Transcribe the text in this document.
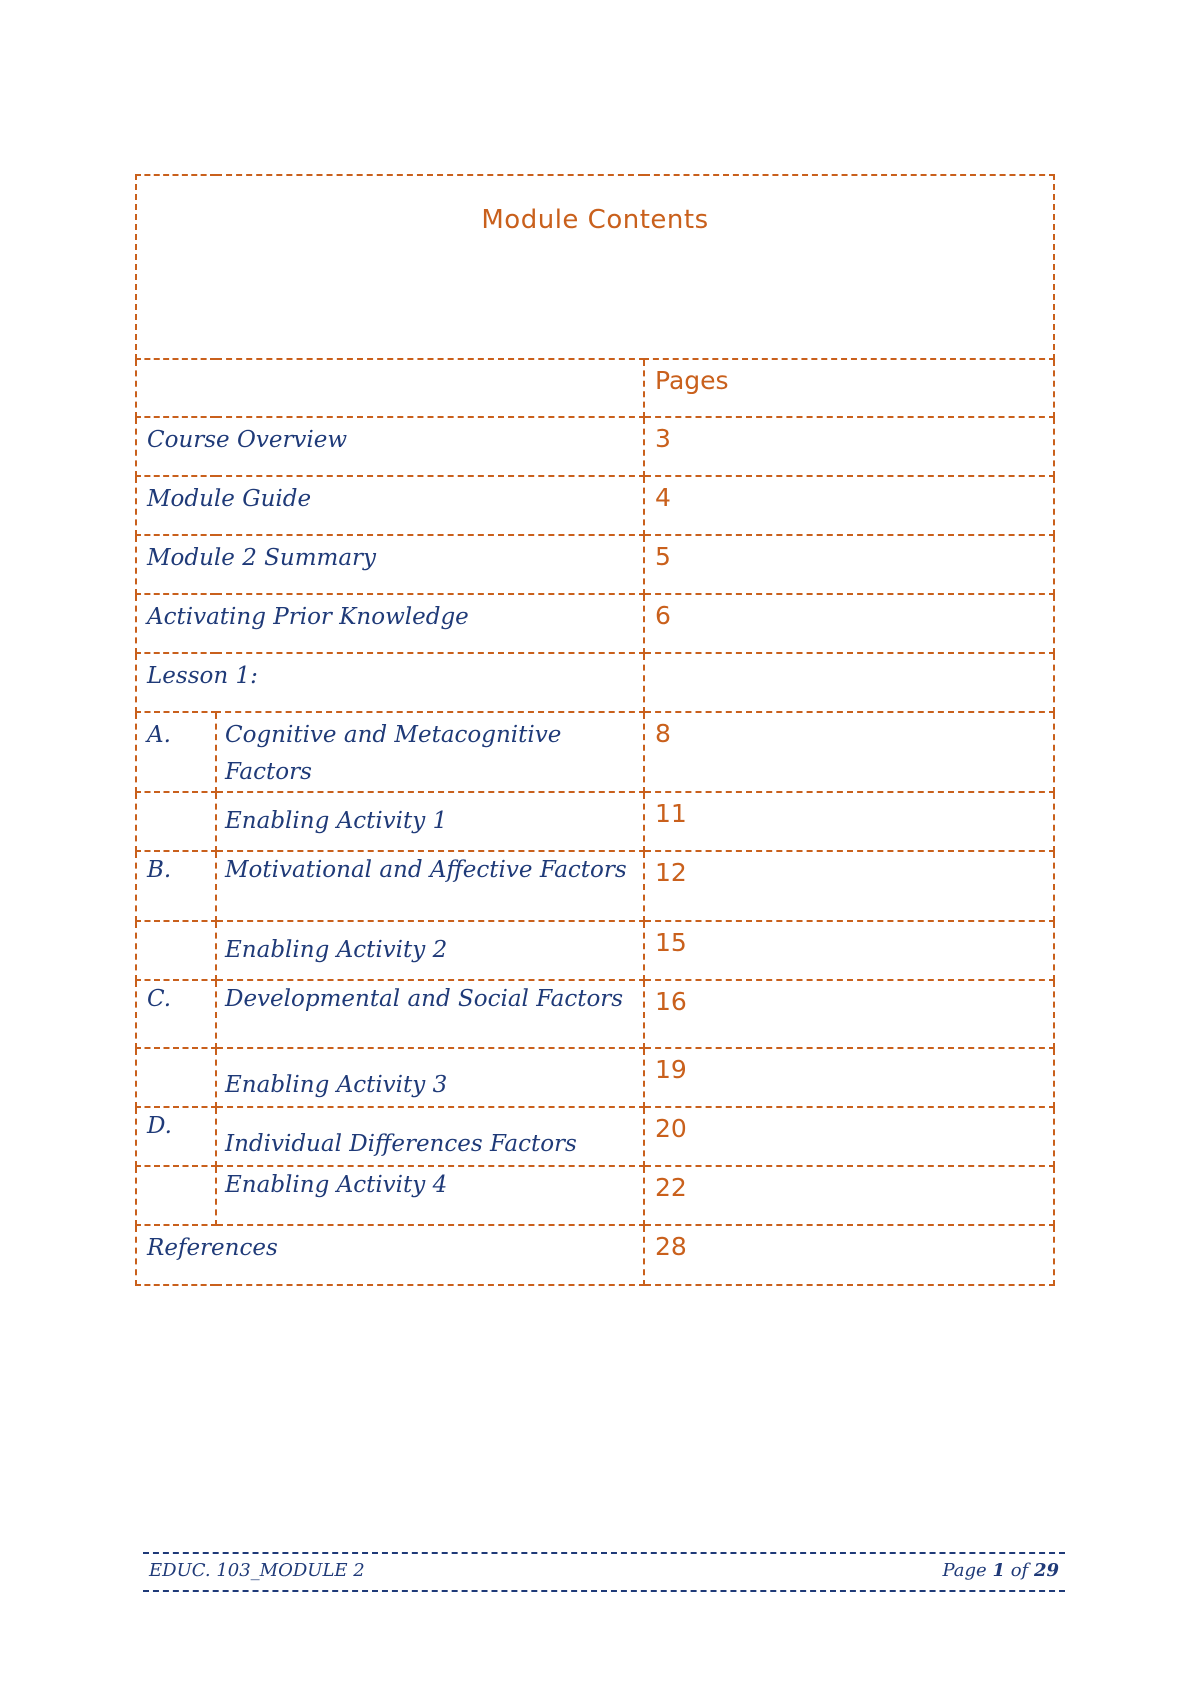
Module Contents		
		Pages
Course Overview		3
Module Guide		4
Module 2 Summary		5
Activating Prior Knowledge		6
Lesson 1:		
A.	Cognitive and Metacognitive Factors	8
	Enabling Activity 1	11
B.	Motivational and Affective Factors	12
	Enabling Activity 2	15
C.	Developmental and Social Factors	16
	Enabling Activity 3	19
D.	Individual Differences Factors	20
	Enabling Activity 4	22
References		28
EDUC. 103_MODULE 2	Page 1 of 29
